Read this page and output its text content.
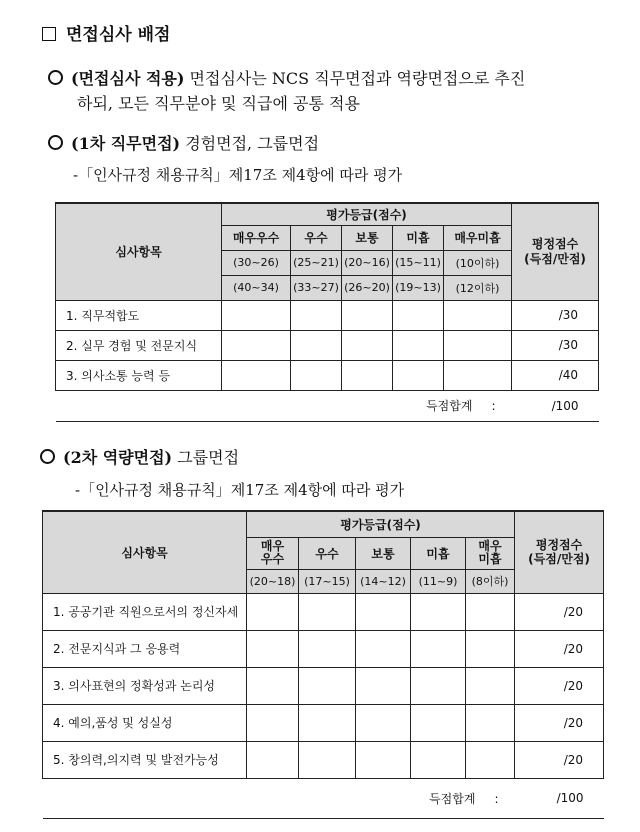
면접심사 배점
(면접심사 적용) 면접심사는 NCS 직무면접과 역량면접으로 추진
하되, 모든 직무분야 및 직급에 공통 적용
(1차 직무면접) 경험면접, 그룹면접
-「인사규정 채용규칙」제17조 제4항에 따라 평가
심사항목	평가등급(점수)					평정점수
(득점/만점)
	매우우수	우수	보통	미흡	매우미흡	
	(30~26)	(25~21)	(20~16)	(15~11)	(10이하)	
	(40~34)	(33~27)	(26~20)	(19~13)	(12이하)	
1. 직무적합도						/30
2. 실무 경험 및 전문지식						/30
3. 의사소통 능력 등						/40
득점합계 :						/100
(2차 역량면접) 그룹면접
-「인사규정 채용규칙」제17조 제4항에 따라 평가
심사항목	평가등급(점수)					평정점수
(득점/만점)
	매우
우수	우수	보통	미흡	매우
미흡	
	(20~18)	(17~15)	(14~12)	(11~9)	(8이하)	
1. 공공기관 직원으로서의 정신자세						/20
2. 전문지식과 그 응용력						/20
3. 의사표현의 정확성과 논리성						/20
4. 예의,품성 및 성실성						/20
5. 창의력,의지력 및 발전가능성						/20
득점합계 :						/100
